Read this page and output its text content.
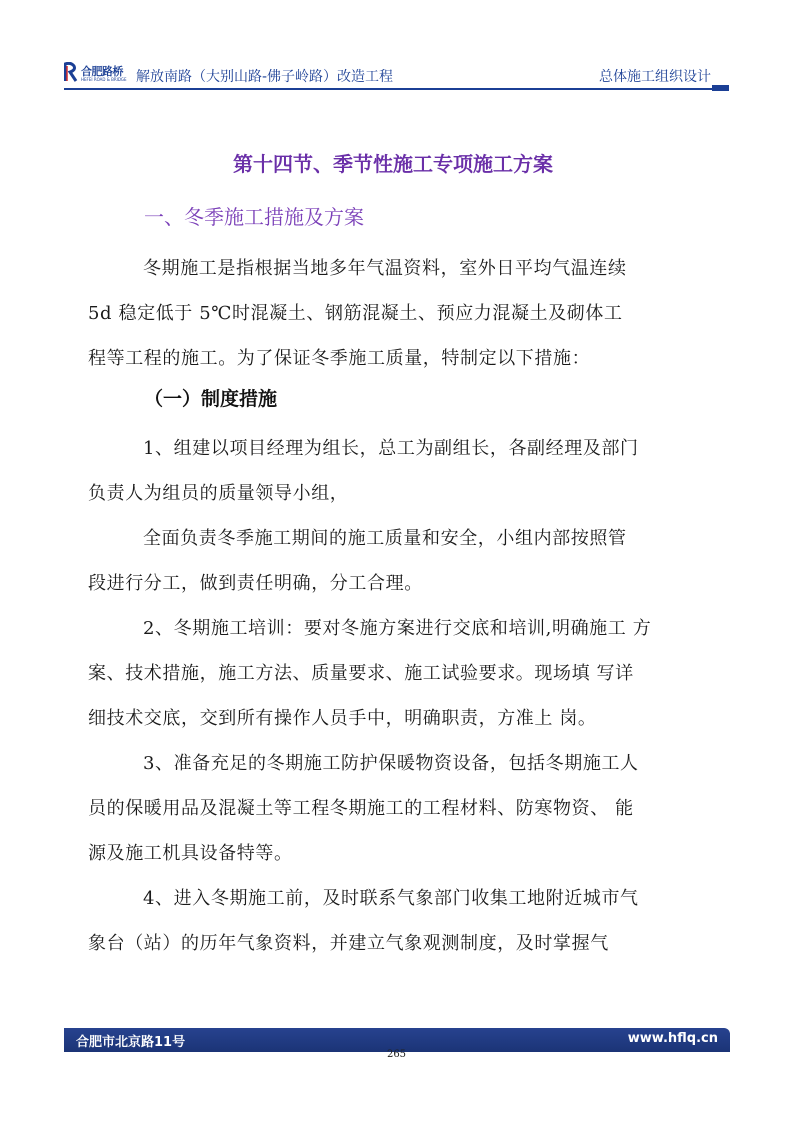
合肥路桥
HEFEI ROAD & BRIDGE 解放南路（大别山路-佛子岭路）改造工程	总体施工组织设计
第十四节、季节性施工专项施工方案
一、冬季施工措施及方案
冬期施工是指根据当地多年气温资料，室外日平均气温连续
5d 稳定低于 5℃时混凝土、钢筋混凝土、预应力混凝土及砌体工
程等工程的施工。为了保证冬季施工质量，特制定以下措施：
（一）制度措施
1、组建以项目经理为组长，总工为副组长，各副经理及部门
负责人为组员的质量领导小组，
全面负责冬季施工期间的施工质量和安全，小组内部按照管
段进行分工，做到责任明确，分工合理。
2、冬期施工培训：要对冬施方案进行交底和培训,明确施工 方
案、技术措施，施工方法、质量要求、施工试验要求。现场填 写详
细技术交底，交到所有操作人员手中，明确职责，方准上 岗。
3、准备充足的冬期施工防护保暖物资设备，包括冬期施工人
员的保暖用品及混凝土等工程冬期施工的工程材料、防寒物资、 能
源及施工机具设备特等。
4、进入冬期施工前，及时联系气象部门收集工地附近城市气
象台（站）的历年气象资料，并建立气象观测制度，及时掌握气
合肥市北京路11号	www.hflq.cn
265
